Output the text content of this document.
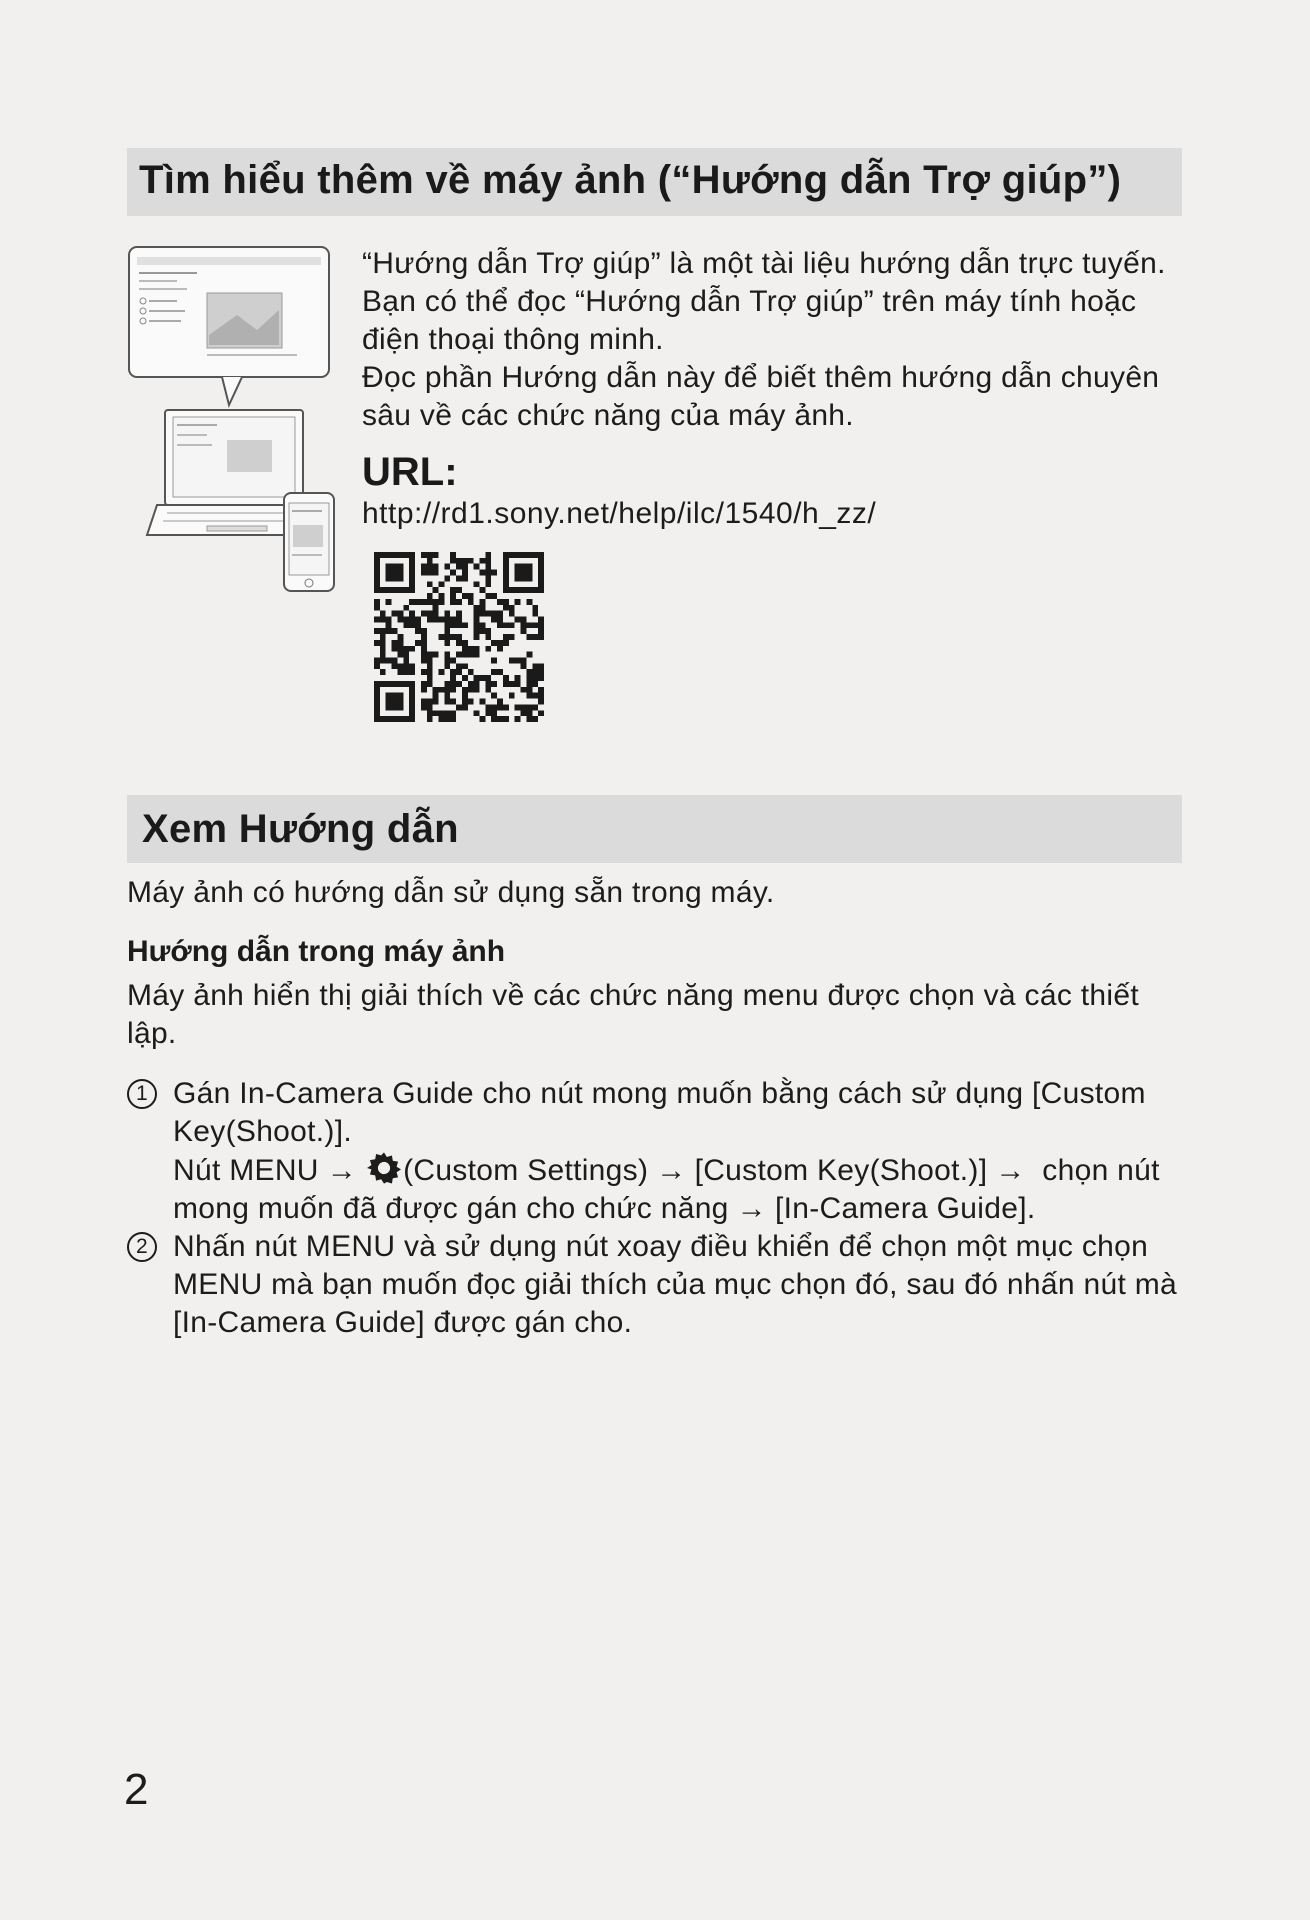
Tìm hiểu thêm về máy ảnh (“Hướng dẫn Trợ giúp”)

“Hướng dẫn Trợ giúp” là một tài liệu hướng dẫn trực tuyến. Bạn có thể đọc “Hướng dẫn Trợ giúp” trên máy tính hoặc điện thoại thông minh.

Đọc phần Hướng dẫn này để biết thêm hướng dẫn chuyên sâu về các chức năng của máy ảnh.

URL:
http://rd1.sony.net/help/ilc/1540/h_zz/
Xem Hướng dẫn
Máy ảnh có hướng dẫn sử dụng sẵn trong máy.
Hướng dẫn trong máy ảnh
Máy ảnh hiển thị giải thích về các chức năng menu được chọn và các thiết lập.
1 Gán In-Camera Guide cho nút mong muốn bằng cách sử dụng [Custom Key(Shoot.)].
Nút MENU → (Custom Settings) → [Custom Key(Shoot.)] → chọn nút mong muốn đã được gán cho chức năng → [In-Camera Guide].
2 Nhấn nút MENU và sử dụng nút xoay điều khiển để chọn một mục chọn MENU mà bạn muốn đọc giải thích của mục chọn đó, sau đó nhấn nút mà [In-Camera Guide] được gán cho.
2
